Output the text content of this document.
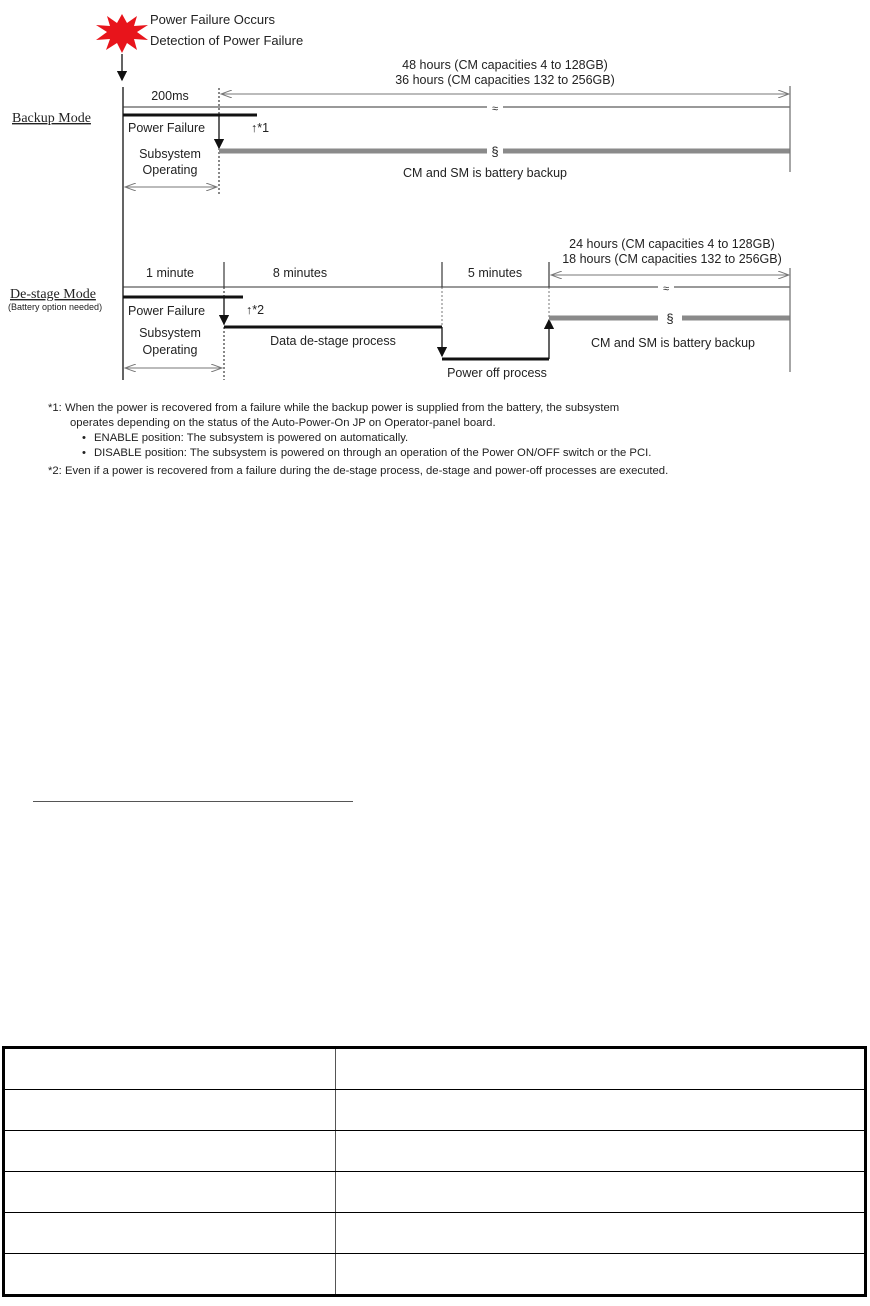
Power Failure Occurs
Detection of Power Failure
Backup Mode
200ms
48 hours (CM capacities 4 to 128GB)
36 hours (CM capacities 132 to 256GB)
≈
Power Failure	↑*1
§
Subsystem
Operating	CM and SM is battery backup
De-stage Mode
(Battery option needed)
1 minute	8 minutes	5 minutes
24 hours (CM capacities 4 to 128GB)
18 hours (CM capacities 132 to 256GB)
≈
Power Failure	↑*2
Data de-stage process
Power off process
§
Subsystem
Operating	CM and SM is battery backup
*1: When the power is recovered from a failure while the backup power is supplied from the battery, the subsystem
operates depending on the status of the Auto-Power-On JP on Operator-panel board.
• ENABLE position: The subsystem is powered on automatically.
• DISABLE position: The subsystem is powered on through an operation of the Power ON/OFF switch or the PCI.
*2: Even if a power is recovered from a failure during the de-stage process, de-stage and power-off processes are executed.
